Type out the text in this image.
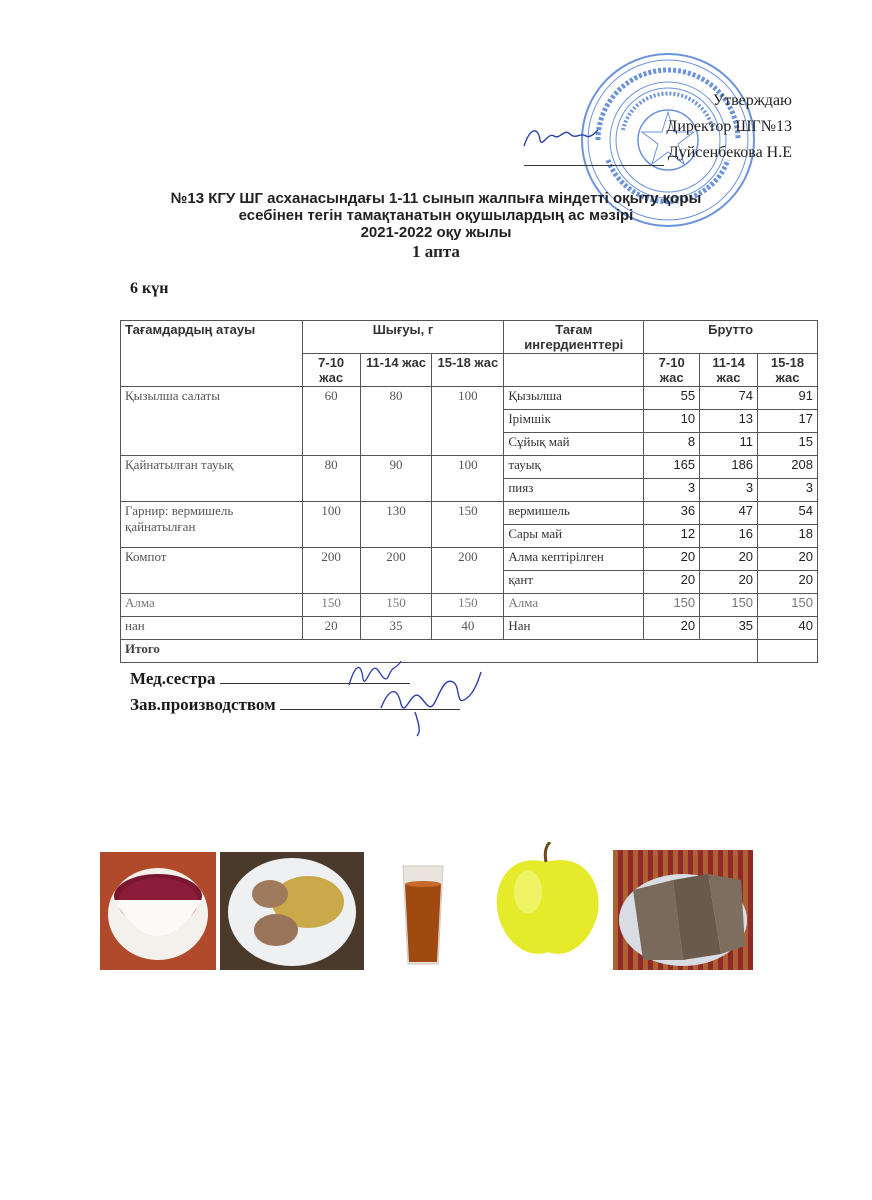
Утверждаю
Директор ШГ№13
Дуйсенбекова Н.Е
№13 КГУ ШГ асханасындағы 1-11 сынып жалпыға міндетті оқыту қоры
есебінен тегін тамақтанатын оқушылардың ас мәзірі
2021-2022 оқу жылы
1 апта
6 күн
Тағамдардың атауы	Шығуы, г			Тағам ингердиенттері	Брутто		
	7-10 жас	11-14 жас	15-18 жас		7-10 жас	11-14 жас	15-18 жас
Қызылша салаты	60	80	100	Қызылша	55	74	91
				Ірімшік	10	13	17
				Сұйық май	8	11	15
Қайнатылған тауық	80	90	100	тауық	165	186	208
				пияз	3	3	3
Гарнир: вермишель қайнатылған	100	130	150	вермишель	36	47	54
				Сары май	12	16	18
Компот	200	200	200	Алма кептірілген	20	20	20
				қант	20	20	20
Алма	150	150	150	Алма	150	150	150
нан	20	35	40	Нан	20	35	40
Итого							
Мед.сестра
Зав.производством
